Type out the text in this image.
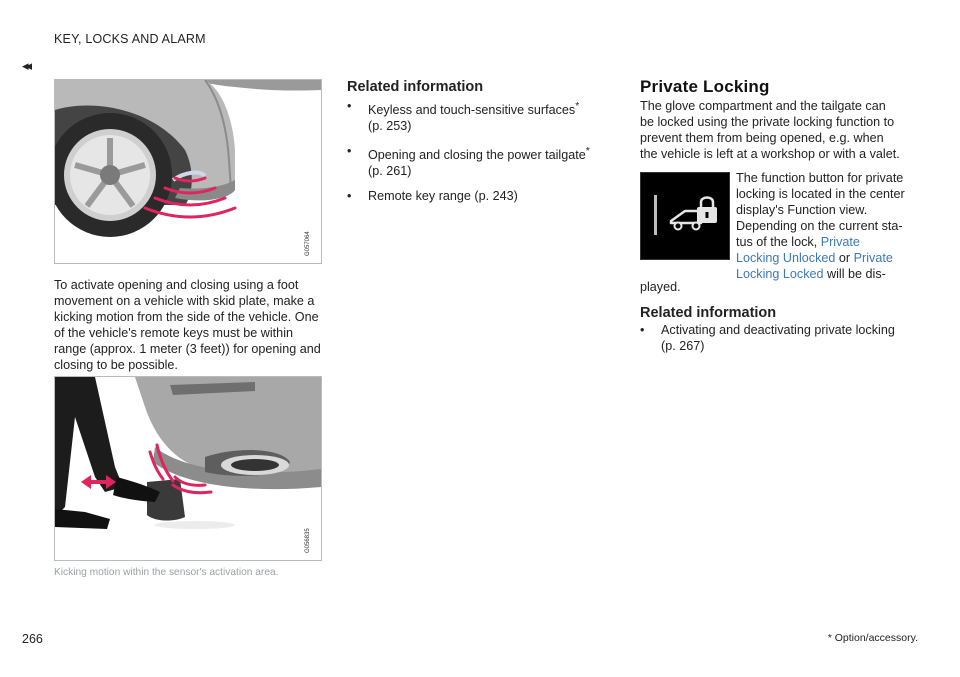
KEY, LOCKS AND ALARM
◂◂
G057064
To activate opening and closing using a foot movement on a vehicle with skid plate, make a kicking motion from the side of the vehicle. One of the vehicle's remote keys must be within range (approx. 1 meter (3 feet)) for opening and closing to be possible.
G056835
Kicking motion within the sensor's activation area.
Related information
• Keyless and touch-sensitive surfaces*
(p. 253)
• Opening and closing the power tailgate*
(p. 261)
• Remote key range (p. 243)
Private Locking
The glove compartment and the tailgate can be locked using the private locking function to prevent them from being opened, e.g. when the vehicle is left at a workshop or with a valet.
The function button for private
locking is located in the center
display's Function view.
Depending on the current sta-
tus of the lock, Private Locking Unlocked or Private Locking Locked will be dis-
played.
Related information
• Activating and deactivating private locking
(p. 267)
266	* Option/accessory.
